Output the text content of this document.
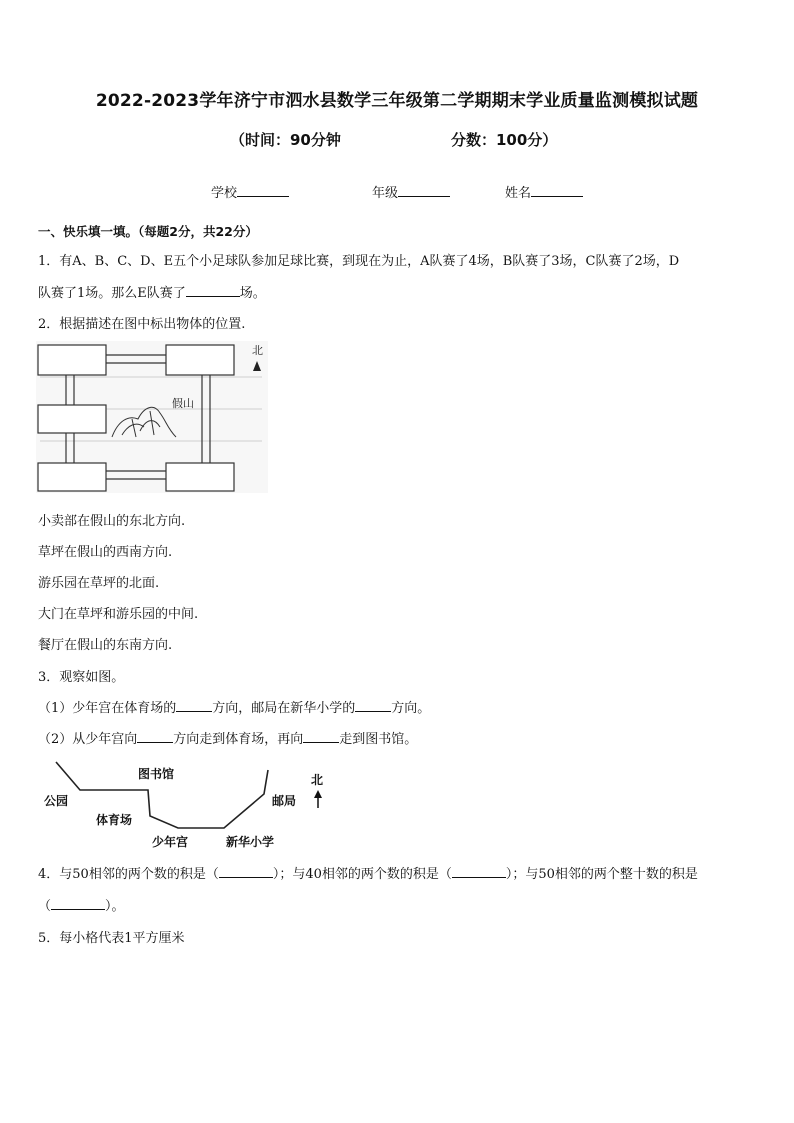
2022-2023学年济宁市泗水县数学三年级第二学期期末学业质量监测模拟试题
（时间：90分钟	分数：100分）
学校	年级	姓名
一、快乐填一填。（每题2分，共22分）
1．有A、B、C、D、E五个小足球队参加足球比赛，到现在为止，A队赛了4场，B队赛了3场，C队赛了2场，D
队赛了1场。那么E队赛了	场。
2．根据描述在图中标出物体的位置.
假山
北
小卖部在假山的东北方向.
草坪在假山的西南方向.
游乐园在草坪的北面.
大门在草坪和游乐园的中间.
餐厅在假山的东南方向.
3．观察如图。
（1）少年宫在体育场的	方向，邮局在新华小学的	方向。
（2）从少年宫向	方向走到体育场，再向	走到图书馆。
图书馆
公园
体育场
少年宫	新华小学
邮局
北
4．与50相邻的两个数的积是（	）；与40相邻的两个数的积是（	）；与50相邻的两个整十数的积是
（	）。
5．每小格代表1平方厘米
